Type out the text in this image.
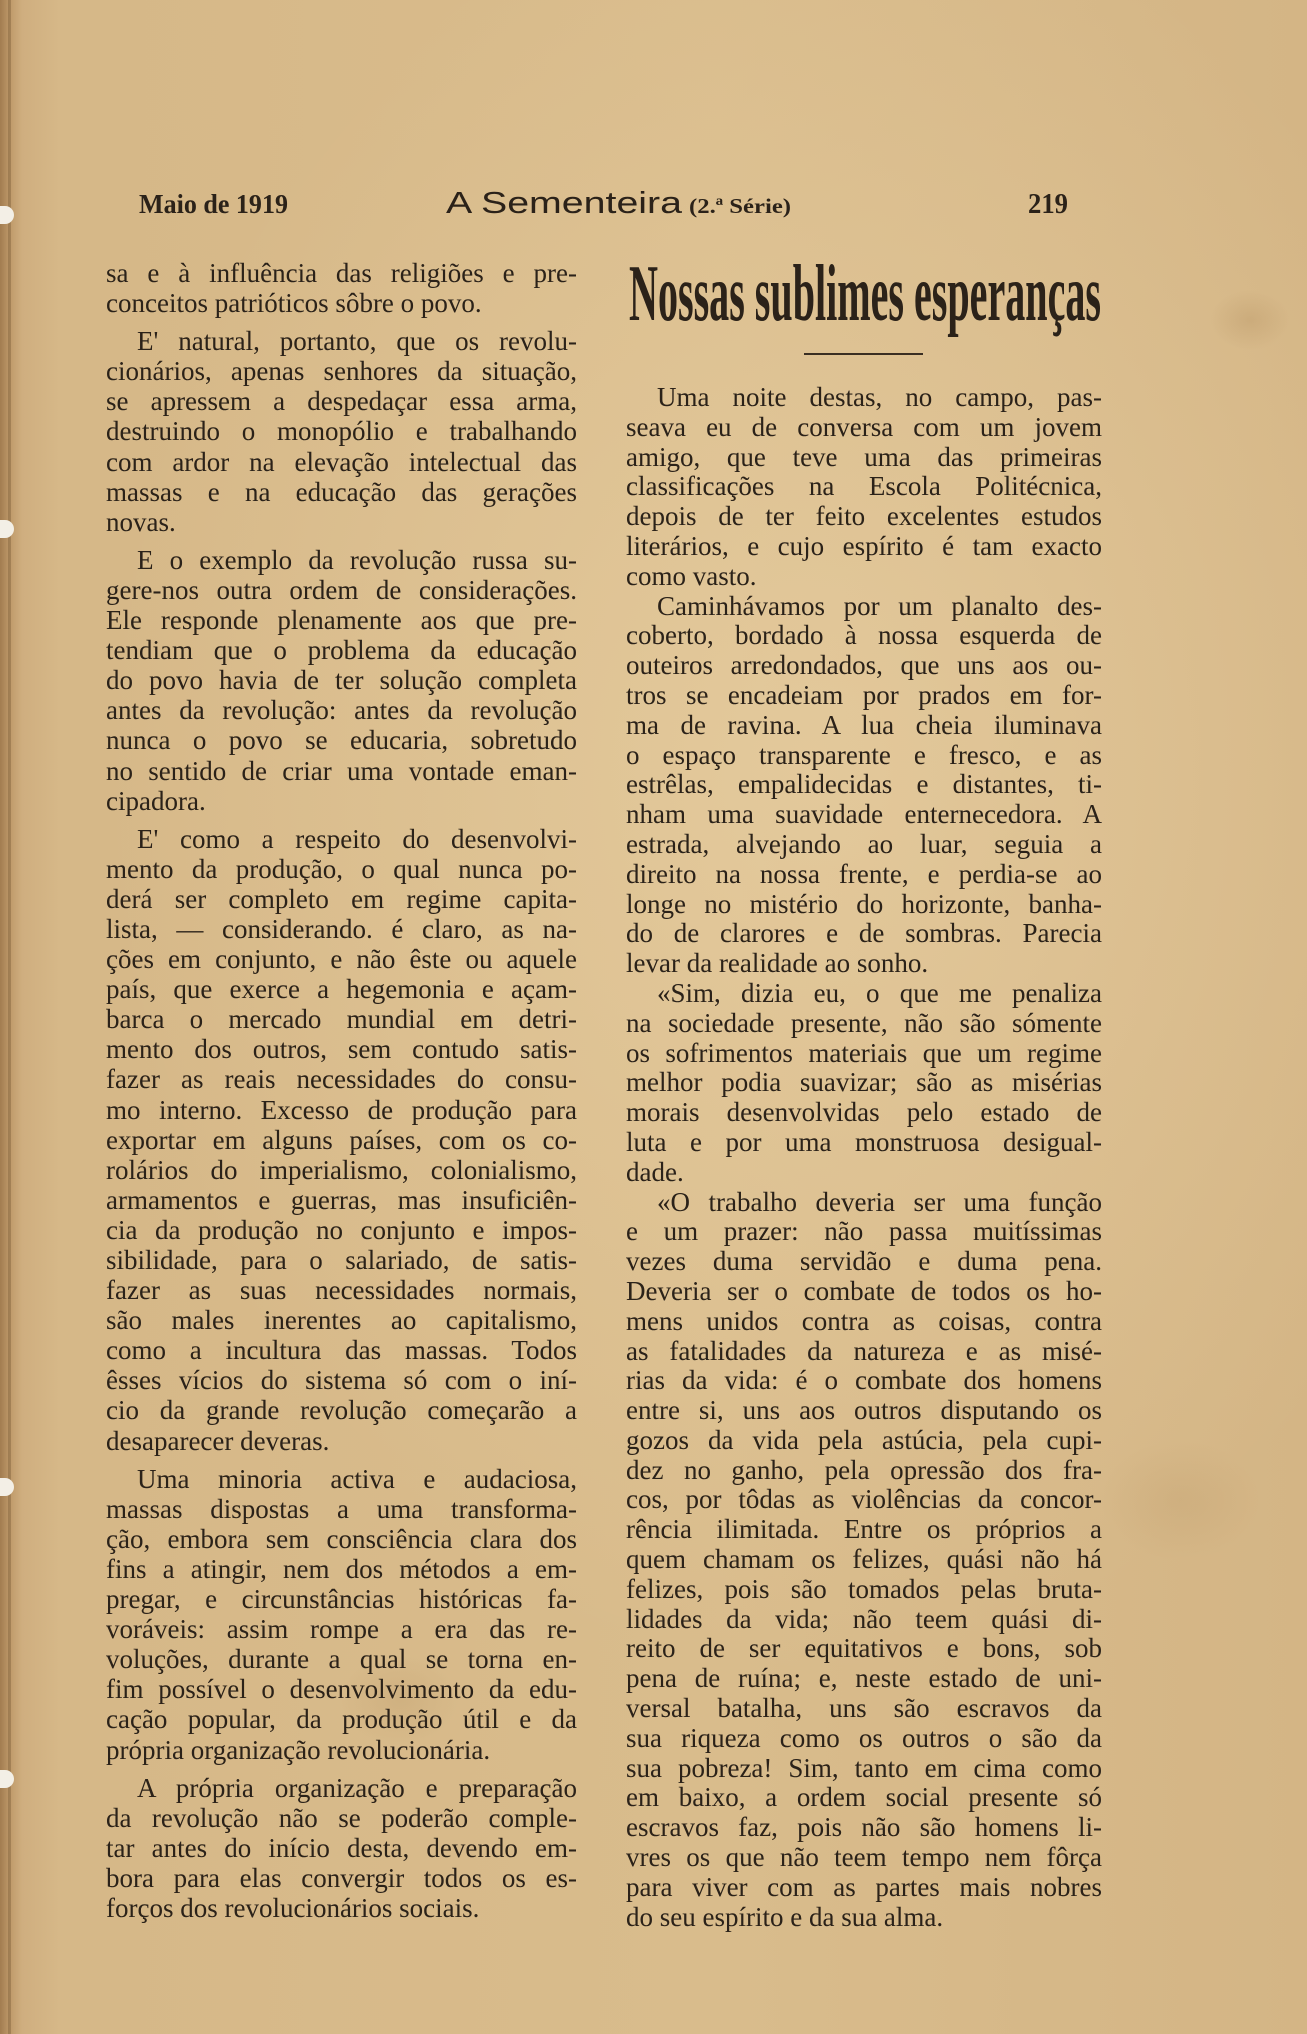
Maio de 1919	A Sementeira (2.ª Série)	219
sa e à influência das religiões e pre-
conceitos patrióticos sôbre o povo.
E' natural, portanto, que os revolu-
cionários, apenas senhores da situação,
se apressem a despedaçar essa arma,
destruindo o monopólio e trabalhando
com ardor na elevação intelectual das
massas e na educação das gerações
novas.
E o exemplo da revolução russa su-
gere-nos outra ordem de considerações.
Ele responde plenamente aos que pre-
tendiam que o problema da educação
do povo havia de ter solução completa
antes da revolução: antes da revolução
nunca o povo se educaria, sobretudo
no sentido de criar uma vontade eman-
cipadora.
E' como a respeito do desenvolvi-
mento da produção, o qual nunca po-
derá ser completo em regime capita-
lista, — considerando. é claro, as na-
ções em conjunto, e não êste ou aquele
país, que exerce a hegemonia e açam-
barca o mercado mundial em detri-
mento dos outros, sem contudo satis-
fazer as reais necessidades do consu-
mo interno. Excesso de produção para
exportar em alguns países, com os co-
rolários do imperialismo, colonialismo,
armamentos e guerras, mas insuficiên-
cia da produção no conjunto e impos-
sibilidade, para o salariado, de satis-
fazer as suas necessidades normais,
são males inerentes ao capitalismo,
como a incultura das massas. Todos
êsses vícios do sistema só com o iní-
cio da grande revolução começarão a
desaparecer deveras.
Uma minoria activa e audaciosa,
massas dispostas a uma transforma-
ção, embora sem consciência clara dos
fins a atingir, nem dos métodos a em-
pregar, e circunstâncias históricas fa-
voráveis: assim rompe a era das re-
voluções, durante a qual se torna en-
fim possível o desenvolvimento da edu-
cação popular, da produção útil e da
própria organização revolucionária.
A própria organização e preparação
da revolução não se poderão comple-
tar antes do início desta, devendo em-
bora para elas convergir todos os es-
forços dos revolucionários sociais.
Nossas sublimes esperanças
Uma noite destas, no campo, pas-
seava eu de conversa com um jovem
amigo, que teve uma das primeiras
classificações na Escola Politécnica,
depois de ter feito excelentes estudos
literários, e cujo espírito é tam exacto
como vasto.
Caminhávamos por um planalto des-
coberto, bordado à nossa esquerda de
outeiros arredondados, que uns aos ou-
tros se encadeiam por prados em for-
ma de ravina. A lua cheia iluminava
o espaço transparente e fresco, e as
estrêlas, empalidecidas e distantes, ti-
nham uma suavidade enternecedora. A
estrada, alvejando ao luar, seguia a
direito na nossa frente, e perdia-se ao
longe no mistério do horizonte, banha-
do de clarores e de sombras. Parecia
levar da realidade ao sonho.
«Sim, dizia eu, o que me penaliza
na sociedade presente, não são sómente
os sofrimentos materiais que um regime
melhor podia suavizar; são as misérias
morais desenvolvidas pelo estado de
luta e por uma monstruosa desigual-
dade.
«O trabalho deveria ser uma função
e um prazer: não passa muitíssimas
vezes duma servidão e duma pena.
Deveria ser o combate de todos os ho-
mens unidos contra as coisas, contra
as fatalidades da natureza e as misé-
rias da vida: é o combate dos homens
entre si, uns aos outros disputando os
gozos da vida pela astúcia, pela cupi-
dez no ganho, pela opressão dos fra-
cos, por tôdas as violências da concor-
rência ilimitada. Entre os próprios a
quem chamam os felizes, quási não há
felizes, pois são tomados pelas bruta-
lidades da vida; não teem quási di-
reito de ser equitativos e bons, sob
pena de ruína; e, neste estado de uni-
versal batalha, uns são escravos da
sua riqueza como os outros o são da
sua pobreza! Sim, tanto em cima como
em baixo, a ordem social presente só
escravos faz, pois não são homens li-
vres os que não teem tempo nem fôrça
para viver com as partes mais nobres
do seu espírito e da sua alma.
